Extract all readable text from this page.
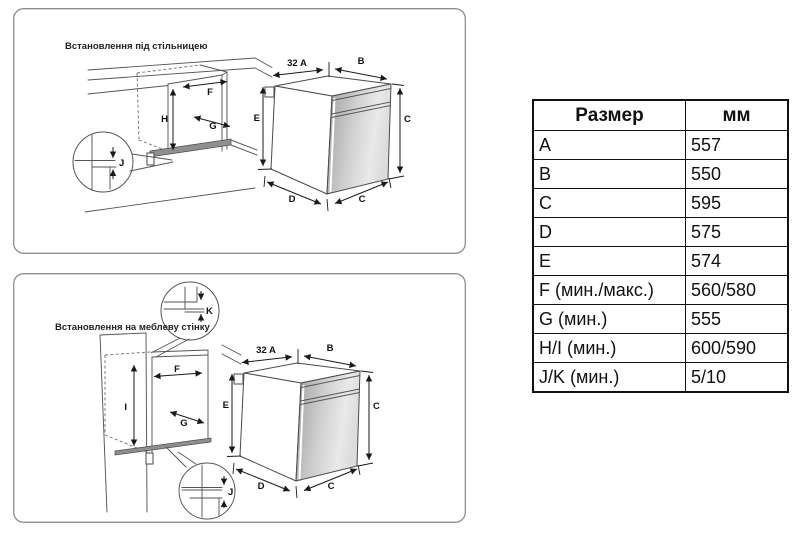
Встановлення під стільницею
H
F
G
J
32 A	B
E	C
D	C
Встановлення на меблеву стінку
K
I
F
G
J
32 A	B
E	C
D	C
Размер	мм
A	557
B	550
C	595
D	575
E	574
F (мин./макс.)	560/580
G (мин.)	555
H/I (мин.)	600/590
J/K (мин.)	5/10
